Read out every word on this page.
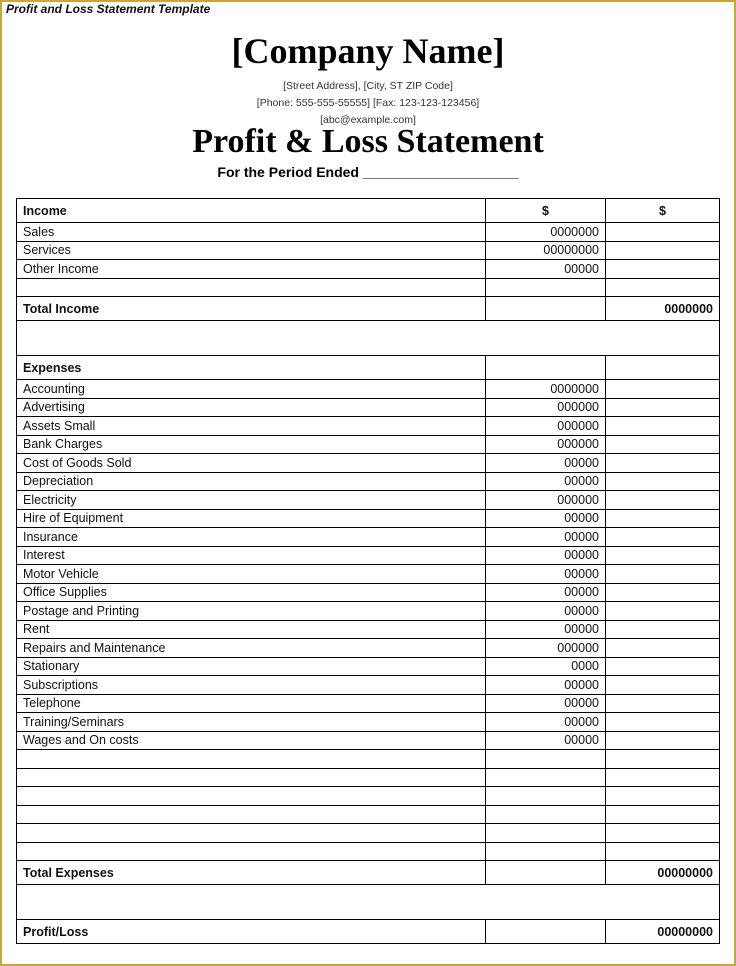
Profit and Loss Statement Template
[Company Name]
[Street Address], [City, ST ZIP Code]
[Phone: 555-555-55555] [Fax: 123-123-123456]
[abc@example.com]
Profit & Loss Statement
For the Period Ended ____________________
Income	$	$
Sales	0000000	
Services	00000000	
Other Income	00000	

Total Income		0000000

Expenses		
Accounting	0000000	
Advertising	000000	
Assets Small	000000	
Bank Charges	000000	
Cost of Goods Sold	00000	
Depreciation	00000	
Electricity	000000	
Hire of Equipment	00000	
Insurance	00000	
Interest	00000	
Motor Vehicle	00000	
Office Supplies	00000	
Postage and Printing	00000	
Rent	00000	
Repairs and Maintenance	000000	
Stationary	0000	
Subscriptions	00000	
Telephone	00000	
Training/Seminars	00000	
Wages and On costs	00000	

Total Expenses		00000000

Profit/Loss		00000000
